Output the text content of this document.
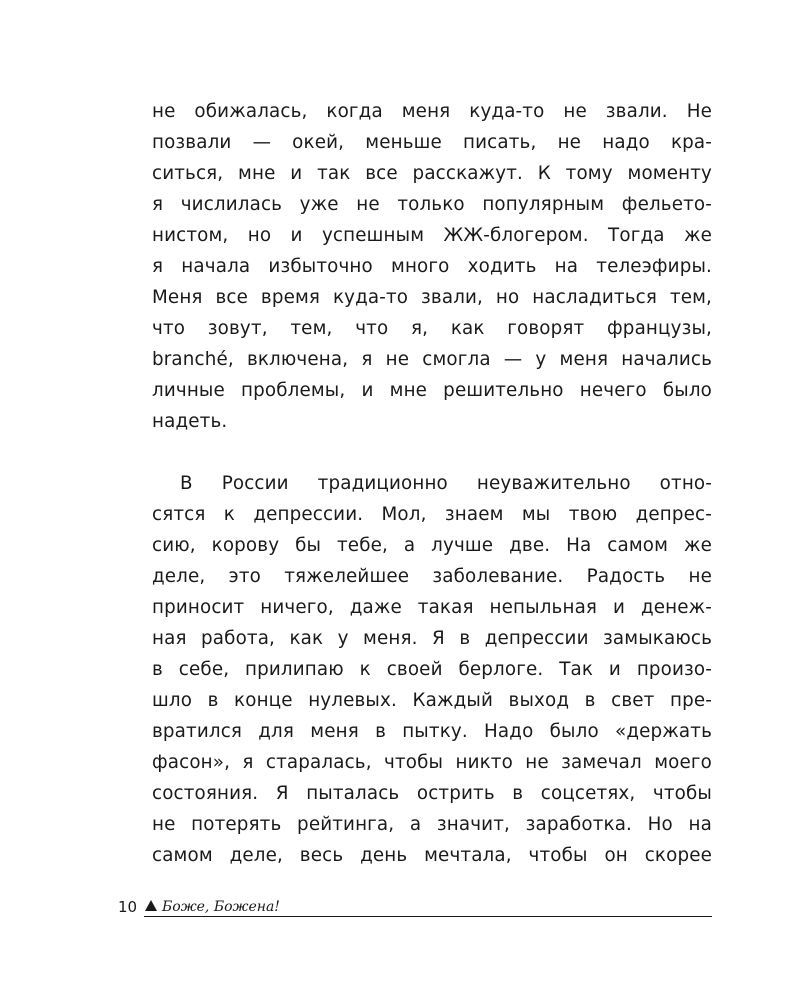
не обижалась, когда меня куда-то не звали. Не
позвали — окей, меньше писать, не надо кра-
ситься, мне и так все расскажут. К тому моменту
я числилась уже не только популярным фельето-
нистом, но и успешным ЖЖ-блогером. Тогда же
я начала избыточно много ходить на телеэфиры.
Меня все время куда-то звали, но насладиться тем,
что зовут, тем, что я, как говорят французы,
branché, включена, я не смогла — у меня начались
личные проблемы, и мне решительно нечего было
надеть.
В России традиционно неуважительно отно-
сятся к депрессии. Мол, знаем мы твою депрес-
сию, корову бы тебе, а лучше две. На самом же
деле, это тяжелейшее заболевание. Радость не
приносит ничего, даже такая непыльная и денеж-
ная работа, как у меня. Я в депрессии замыкаюсь
в себе, прилипаю к своей берлоге. Так и произо-
шло в конце нулевых. Каждый выход в свет пре-
вратился для меня в пытку. Надо было «держать
фасон», я старалась, чтобы никто не замечал моего
состояния. Я пыталась острить в соцсетях, чтобы
не потерять рейтинга, а значит, заработка. Но на
самом деле, весь день мечтала, чтобы он скорее
10 Боже, Божена!
